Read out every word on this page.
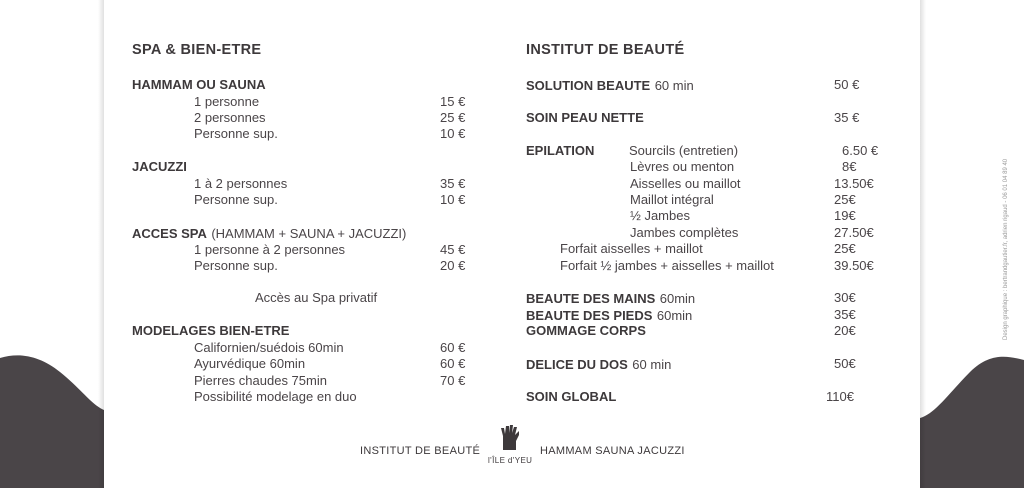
SPA & BIEN-ETRE
HAMMAM OU SAUNA
1 personne	15 €
2 personnes	25 €
Personne sup.	10 €
JACUZZI
1 à 2 personnes	35 €
Personne sup.	10 €
ACCES SPA (HAMMAM + SAUNA + JACUZZI)
1 personne à 2 personnes	45 €
Personne sup.	20 €
Accès au Spa privatif
MODELAGES BIEN-ETRE
Californien/suédois 60min	60 €
Ayurvédique 60min	60 €
Pierres chaudes 75min	70 €
Possibilité modelage en duo
INSTITUT DE BEAUTÉ
SOLUTION BEAUTE 60 min	50 €
SOIN PEAU NETTE	35 €
EPILATION	Sourcils (entretien)	6.50 €
Lèvres ou menton	8€
Aisselles ou maillot	13.50€
Maillot intégral	25€
½ Jambes	19€
Jambes complètes	27.50€
Forfait aisselles + maillot	25€
Forfait ½ jambes + aisselles + maillot	39.50€
BEAUTE DES MAINS 60min	30€
BEAUTE DES PIEDS 60min	35€
GOMMAGE CORPS	20€
DELICE DU DOS 60 min	50€
SOIN GLOBAL	110€
INSTITUT DE BEAUTÉ
l'ÎLE d'YEU
HAMMAM SAUNA JACUZZI
Design graphique : bertrandgautier.fr, adrien rigaud - 06 01 04 89 40
